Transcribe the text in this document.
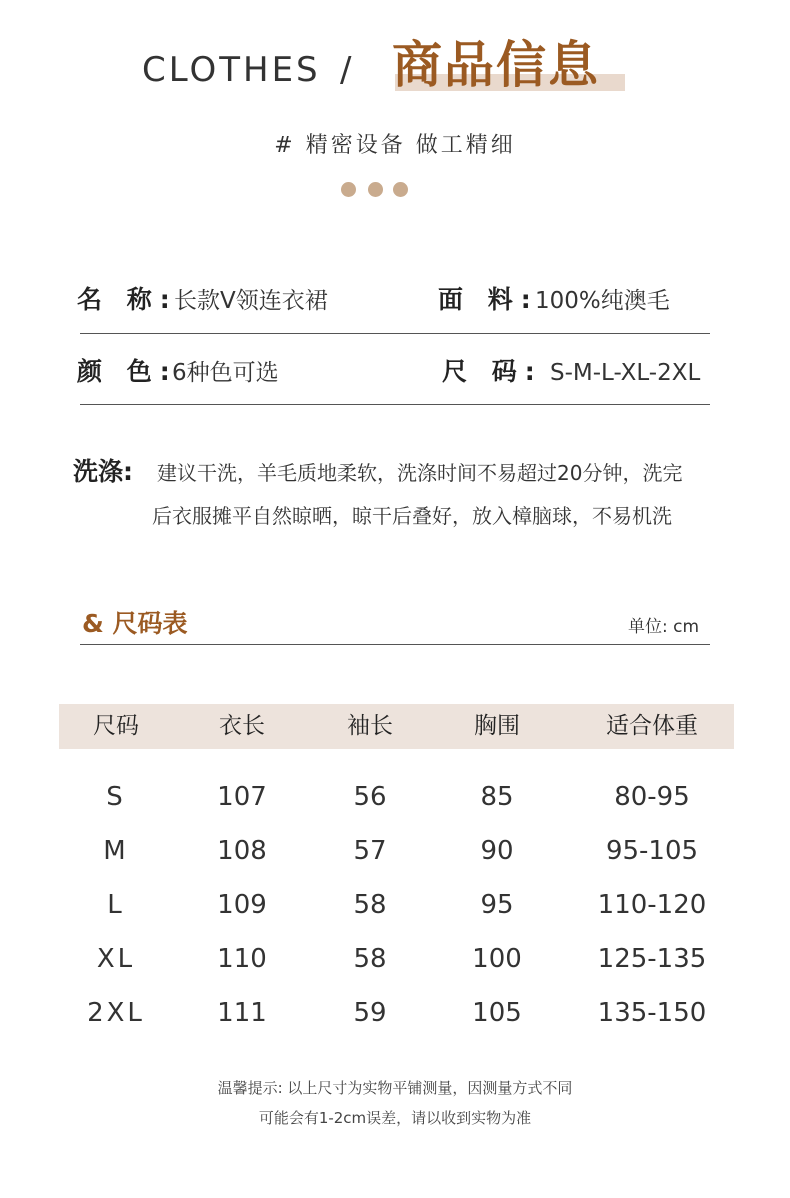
CLOTHES / 商品信息
# 精密设备 做工精细
名 称:
长款V领连衣裙	面 料:
100%纯澳毛
颜 色:
6种色可选	尺 码: S-M-L-XL-2XL
洗涤: 建议干洗，羊毛质地柔软，洗涤时间不易超过20分钟，洗完
后衣服摊平自然晾晒，晾干后叠好，放入樟脑球，不易机洗
& 尺码表	单位: cm
尺码	衣长	袖长	胸围	适合体重
S	107	56	85	80-95
M	108	57	90	95-105
L	109	58	95	110-120
XL	110	58	100	125-135
2XL	111	59	105	135-150
温馨提示: 以上尺寸为实物平铺测量，因测量方式不同
可能会有1-2cm误差，请以收到实物为准
